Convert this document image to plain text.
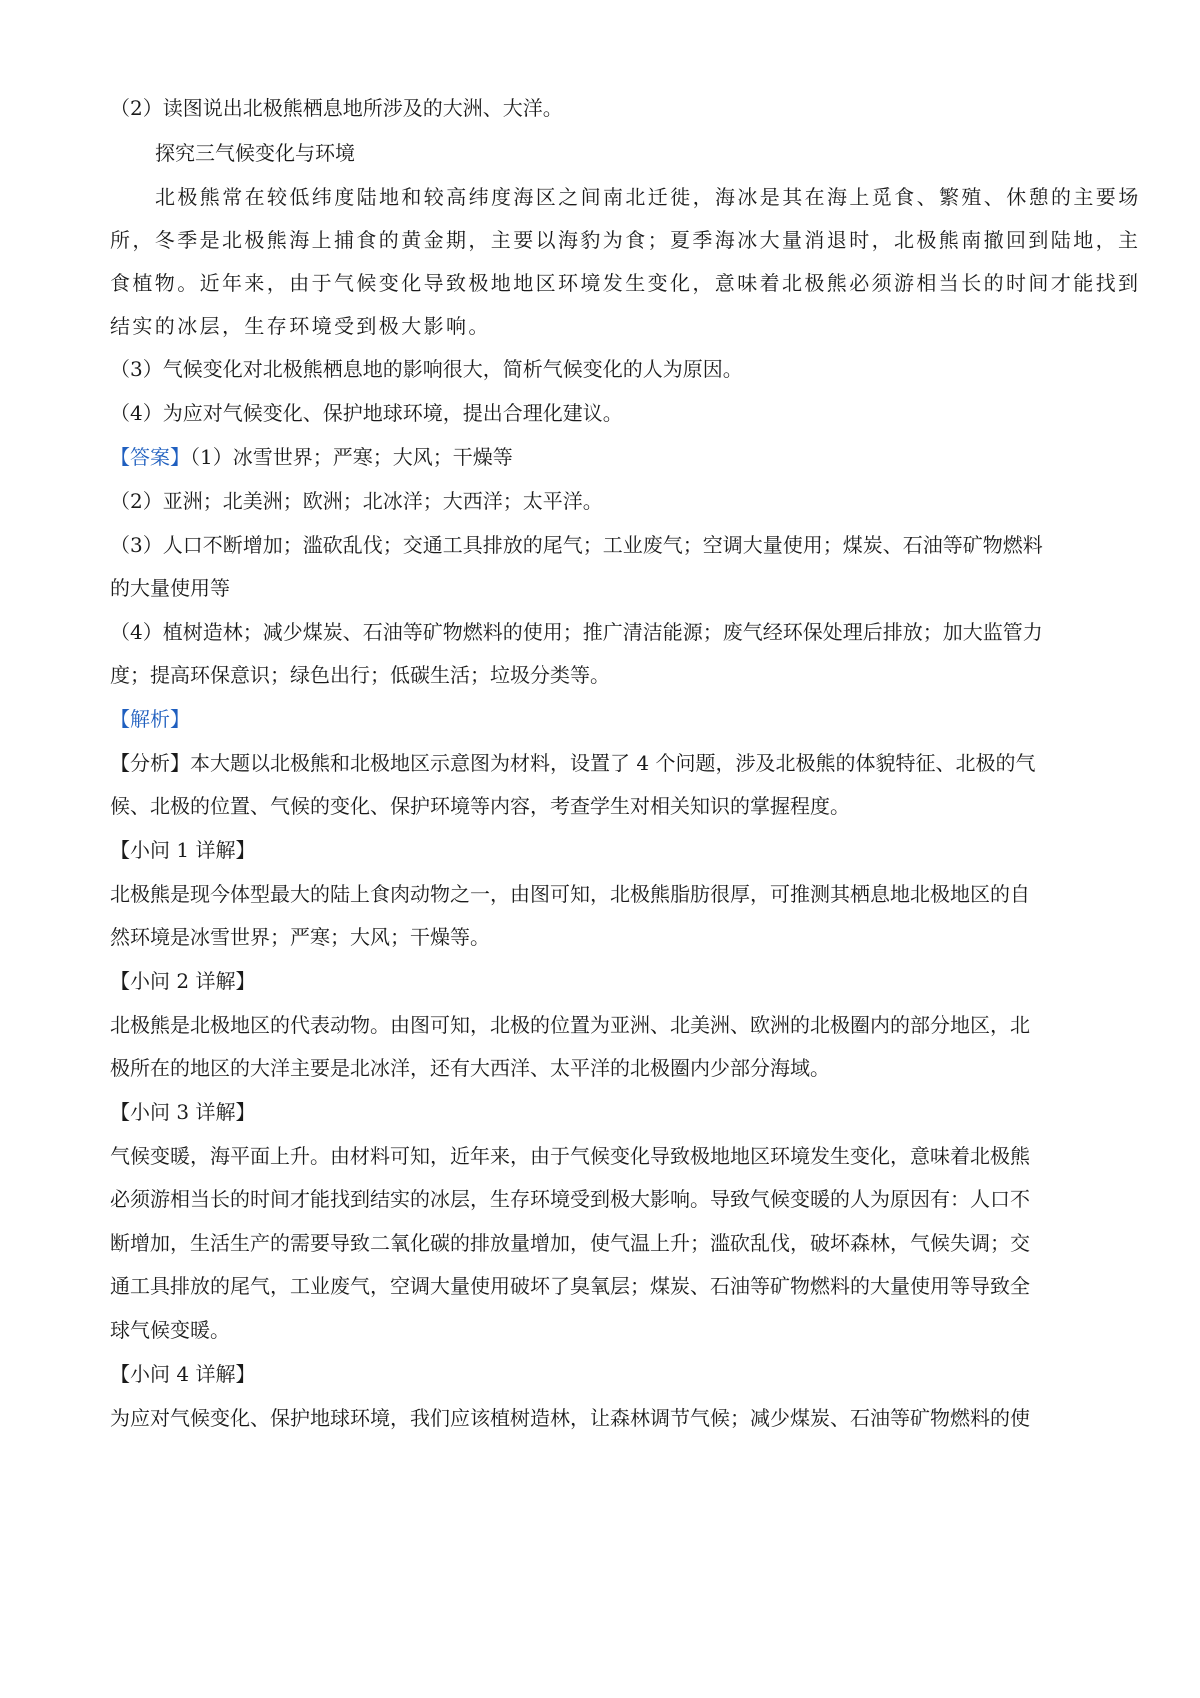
（2）读图说出北极熊栖息地所涉及的大洲、大洋。

探究三气候变化与环境

北极熊常在较低纬度陆地和较高纬度海区之间南北迁徙，海冰是其在海上觅食、繁殖、休憩的主要场

所，冬季是北极熊海上捕食的黄金期，主要以海豹为食；夏季海冰大量消退时，北极熊南撤回到陆地，主

食植物。近年来，由于气候变化导致极地地区环境发生变化，意味着北极熊必须游相当长的时间才能找到

结实的冰层，生存环境受到极大影响。

（3）气候变化对北极熊栖息地的影响很大，简析气候变化的人为原因。

（4）为应对气候变化、保护地球环境，提出合理化建议。

【答案】（1）冰雪世界；严寒；大风；干燥等

（2）亚洲；北美洲；欧洲；北冰洋；大西洋；太平洋。

（3）人口不断增加；滥砍乱伐；交通工具排放的尾气；工业废气；空调大量使用；煤炭、石油等矿物燃料

的大量使用等

（4）植树造林；减少煤炭、石油等矿物燃料的使用；推广清洁能源；废气经环保处理后排放；加大监管力

度；提高环保意识；绿色出行；低碳生活；垃圾分类等。

【解析】

【分析】本大题以北极熊和北极地区示意图为材料，设置了 4 个问题，涉及北极熊的体貌特征、北极的气

候、北极的位置、气候的变化、保护环境等内容，考查学生对相关知识的掌握程度。

【小问 1 详解】

北极熊是现今体型最大的陆上食肉动物之一，由图可知，北极熊脂肪很厚，可推测其栖息地北极地区的自

然环境是冰雪世界；严寒；大风；干燥等。

【小问 2 详解】

北极熊是北极地区的代表动物。由图可知，北极的位置为亚洲、北美洲、欧洲的北极圈内的部分地区，北

极所在的地区的大洋主要是北冰洋，还有大西洋、太平洋的北极圈内少部分海域。

【小问 3 详解】

气候变暖，海平面上升。由材料可知，近年来，由于气候变化导致极地地区环境发生变化，意味着北极熊

必须游相当长的时间才能找到结实的冰层，生存环境受到极大影响。导致气候变暖的人为原因有：人口不

断增加，生活生产的需要导致二氧化碳的排放量增加，使气温上升；滥砍乱伐，破坏森林，气候失调；交

通工具排放的尾气，工业废气，空调大量使用破坏了臭氧层；煤炭、石油等矿物燃料的大量使用等导致全

球气候变暖。

【小问 4 详解】

为应对气候变化、保护地球环境，我们应该植树造林，让森林调节气候；减少煤炭、石油等矿物燃料的使
